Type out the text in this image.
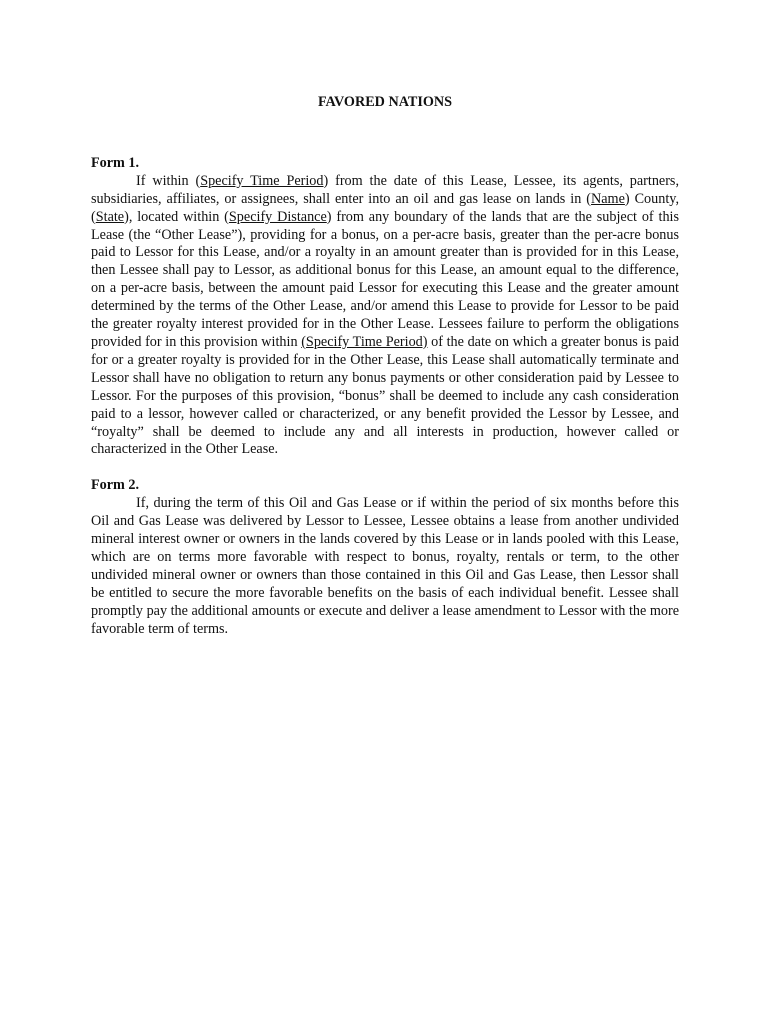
FAVORED NATIONS
Form 1.

If within (Specify Time Period) from the date of this Lease, Lessee, its agents, partners, subsidiaries, affiliates, or assignees, shall enter into an oil and gas lease on lands in (Name) County, (State), located within (Specify Distance) from any boundary of the lands that are the subject of this Lease (the “Other Lease”), providing for a bonus, on a per-acre basis, greater than the per-acre bonus paid to Lessor for this Lease, and/or a royalty in an amount greater than is provided for in this Lease, then Lessee shall pay to Lessor, as additional bonus for this Lease, an amount equal to the difference, on a per-acre basis, between the amount paid Lessor for executing this Lease and the greater amount determined by the terms of the Other Lease, and/or amend this Lease to provide for Lessor to be paid the greater royalty interest provided for in the Other Lease. Lessees failure to perform the obligations provided for in this provision within (Specify Time Period) of the date on which a greater bonus is paid for or a greater royalty is provided for in the Other Lease, this Lease shall automatically terminate and Lessor shall have no obligation to return any bonus payments or other consideration paid by Lessee to Lessor. For the purposes of this provision, “bonus” shall be deemed to include any cash consideration paid to a lessor, however called or characterized, or any benefit provided the Lessor by Lessee, and “royalty” shall be deemed to include any and all interests in production, however called or characterized in the Other Lease.

Form 2.

If, during the term of this Oil and Gas Lease or if within the period of six months before this Oil and Gas Lease was delivered by Lessor to Lessee, Lessee obtains a lease from another undivided mineral interest owner or owners in the lands covered by this Lease or in lands pooled with this Lease, which are on terms more favorable with respect to bonus, royalty, rentals or term, to the other undivided mineral owner or owners than those contained in this Oil and Gas Lease, then Lessor shall be entitled to secure the more favorable benefits on the basis of each individual benefit. Lessee shall promptly pay the additional amounts or execute and deliver a lease amendment to Lessor with the more favorable term of terms.
